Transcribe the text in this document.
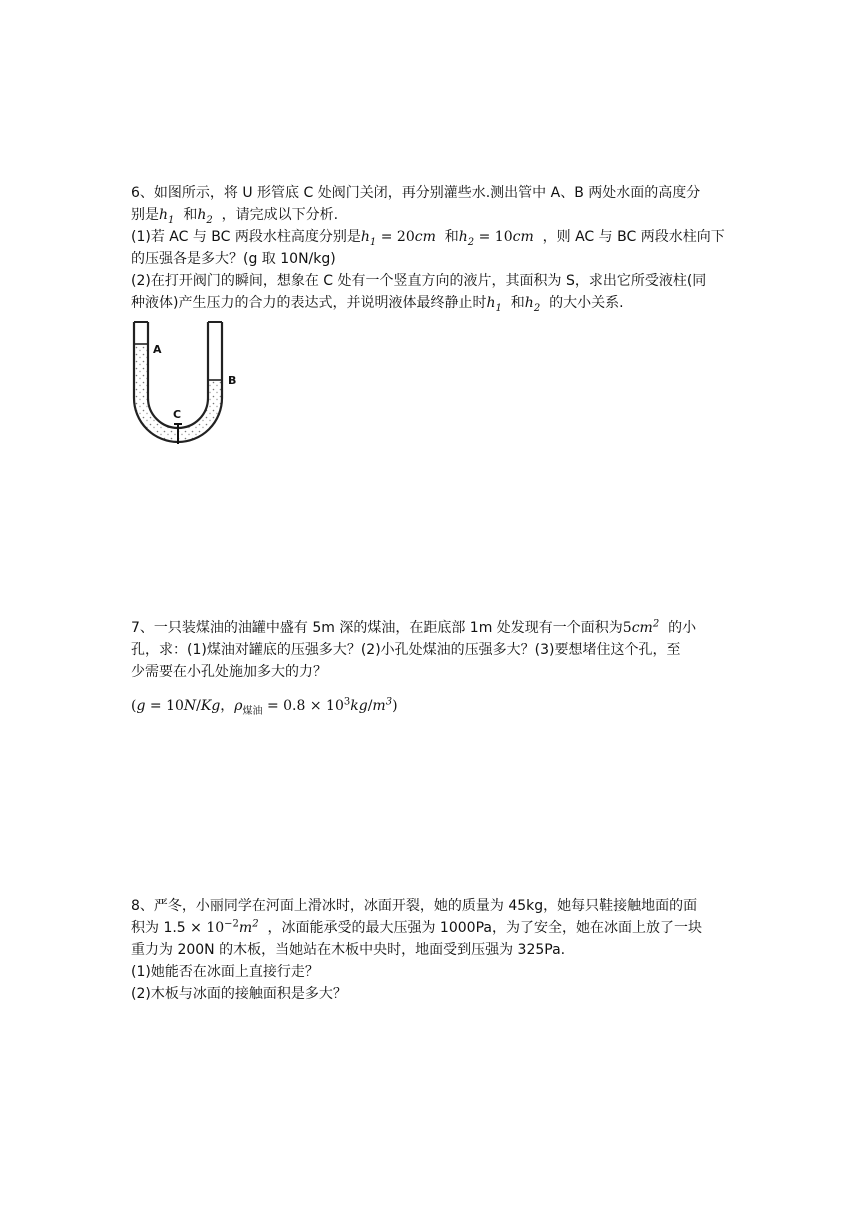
6、如图所示，将 U 形管底 C 处阀门关闭，再分别灌些水.测出管中 A、B 两处水面的高度分
别是$h_1$ 和$h_2$ ，请完成以下分析.
(1)若 AC 与 BC 两段水柱高度分别是$h_1 = 20cm$ 和$h_2 = 10cm$ ，则 AC 与 BC 两段水柱向下
的压强各是多大？(g 取 10N/kg)
(2)在打开阀门的瞬间，想象在 C 处有一个竖直方向的液片，其面积为 S，求出它所受液柱(同
种液体)产生压力的合力的表达式，并说明液体最终静止时$h_1$ 和$h_2$ 的大小关系.
A
B
C
7、一只装煤油的油罐中盛有 5m 深的煤油，在距底部 1m 处发现有一个面积为$5cm^2$ 的小
孔，求：(1)煤油对罐底的压强多大？(2)小孔处煤油的压强多大？(3)要想堵住这个孔，至
少需要在小孔处施加多大的力？
(g = 10N/Kg，$\rho_{煤油} = 0.8 \times 10^3kg/m^3$)
8、严冬，小丽同学在河面上滑冰时，冰面开裂，她的质量为 45kg，她每只鞋接触地面的面
积为 $1.5 \times 10^{-2}m^2$ ，冰面能承受的最大压强为 1000Pa，为了安全，她在冰面上放了一块
重力为 200N 的木板，当她站在木板中央时，地面受到压强为 325Pa.
(1)她能否在冰面上直接行走？
(2)木板与冰面的接触面积是多大？
